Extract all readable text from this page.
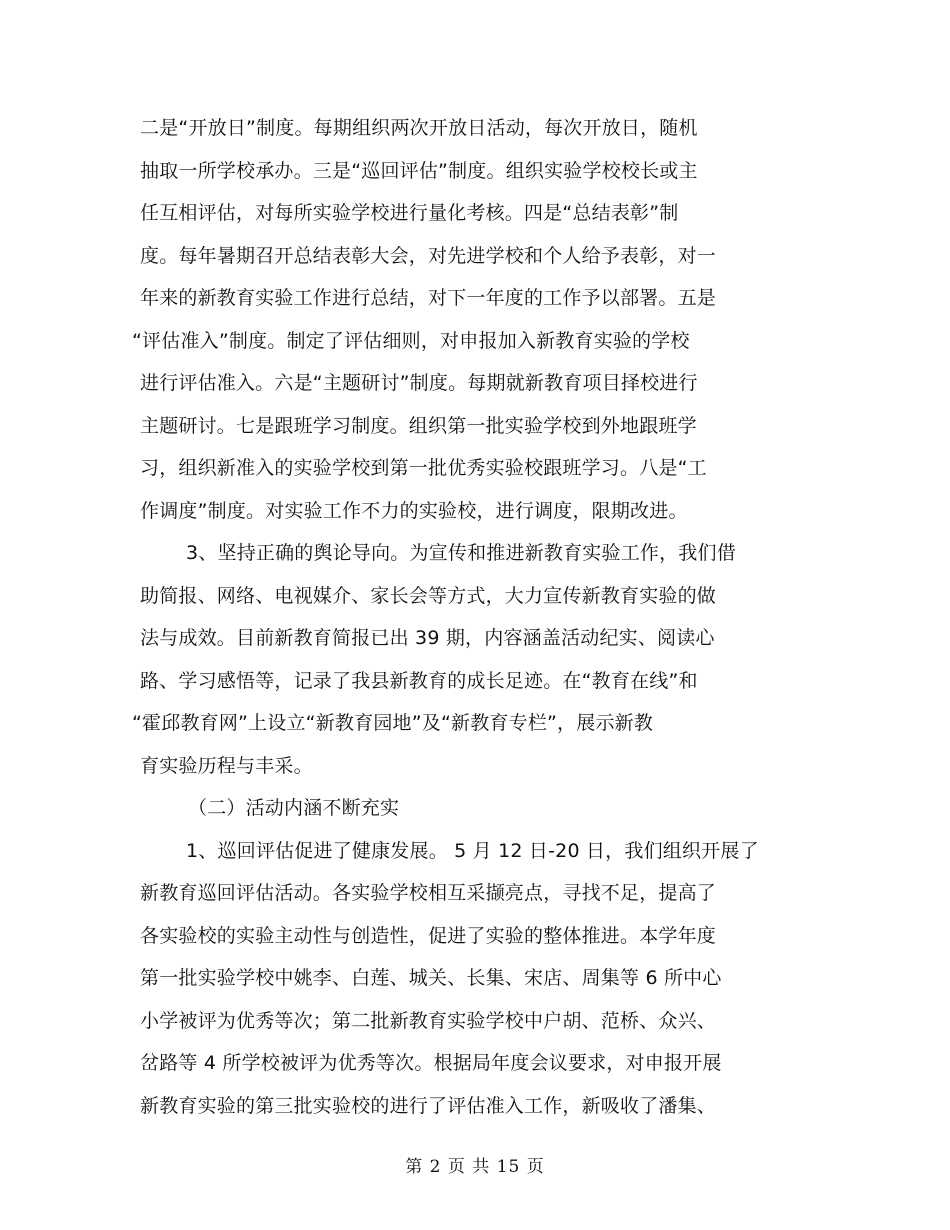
二是“开放日”制度。每期组织两次开放日活动，每次开放日，随机
抽取一所学校承办。三是“巡回评估”制度。组织实验学校校长或主
任互相评估，对每所实验学校进行量化考核。四是“总结表彰”制
度。每年暑期召开总结表彰大会，对先进学校和个人给予表彰，对一
年来的新教育实验工作进行总结，对下一年度的工作予以部署。五是
“评估准入”制度。制定了评估细则，对申报加入新教育实验的学校
进行评估准入。六是“主题研讨”制度。每期就新教育项目择校进行
主题研讨。七是跟班学习制度。组织第一批实验学校到外地跟班学
习，组织新准入的实验学校到第一批优秀实验校跟班学习。八是“工
作调度”制度。对实验工作不力的实验校，进行调度，限期改进。
3、坚持正确的舆论导向。为宣传和推进新教育实验工作，我们借
助简报、网络、电视媒介、家长会等方式，大力宣传新教育实验的做
法与成效。目前新教育简报已出 39 期，内容涵盖活动纪实、阅读心
路、学习感悟等，记录了我县新教育的成长足迹。在“教育在线”和
“霍邱教育网”上设立“新教育园地”及“新教育专栏”，展示新教
育实验历程与丰采。
（二）活动内涵不断充实
1、巡回评估促进了健康发展。 5 月 12 日-20 日，我们组织开展了
新教育巡回评估活动。各实验学校相互采撷亮点，寻找不足，提高了
各实验校的实验主动性与创造性，促进了实验的整体推进。本学年度
第一批实验学校中姚李、白莲、城关、长集、宋店、周集等 6 所中心
小学被评为优秀等次；第二批新教育实验学校中户胡、范桥、众兴、
岔路等 4 所学校被评为优秀等次。根据局年度会议要求，对申报开展
新教育实验的第三批实验校的进行了评估准入工作，新吸收了潘集、
第 2 页 共 15 页
